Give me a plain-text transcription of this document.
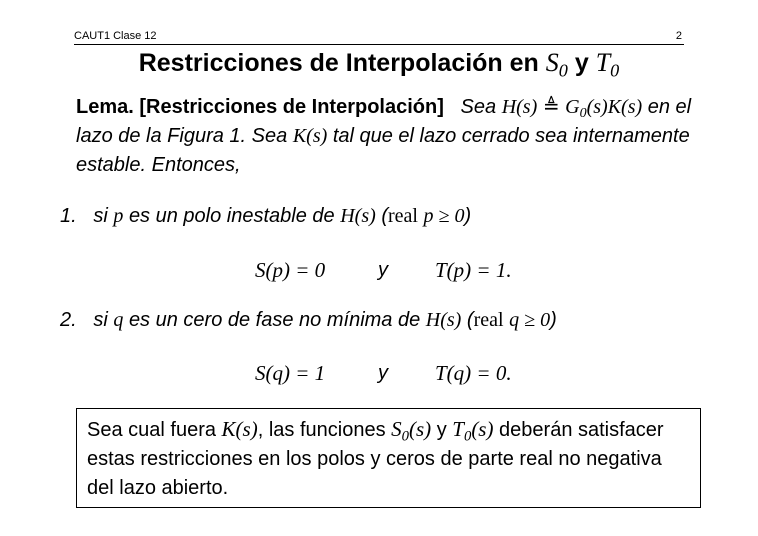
CAUT1 Clase 12	2
Restricciones de Interpolación en $S_0$ y $T_0$
Lema. [Restricciones de Interpolación] Sea H(s) ≜ $G_0(s)K(s)$ en el lazo de la Figura 1. Sea K(s) tal que el lazo cerrado sea internamente estable. Entonces,
1. si p es un polo inestable de H(s) (real p ≥ 0)
S(p) = 0	y T(p) = 1.
2. si q es un cero de fase no mínima de H(s) (real q ≥ 0)
S(q) = 1	y T(q) = 0.
Sea cual fuera K(s), las funciones $S_0(s)$ y $T_0(s)$ deberán satisfacer estas restricciones en los polos y ceros de parte real no negativa del lazo abierto.
